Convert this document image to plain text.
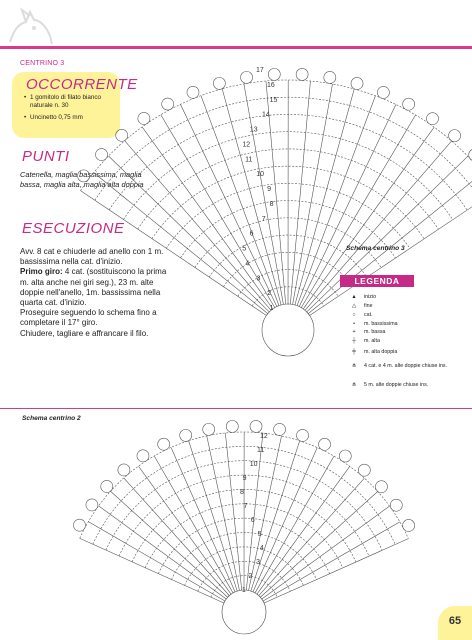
CENTRINO 3
OCCORRENTE
• 1 gomitolo di filato bianco naturale n. 30
• Uncinetto 0,75 mm
PUNTI
Catenella, maglia bassissima, maglia bassa, maglia alta, maglia alta doppia
ESECUZIONE
Avv. 8 cat e chiuderle ad anello con 1 m. bassissima nella cat. d'inizio.
Primo giro: 4 cat. (sostituiscono la prima m. alta anche nei giri seg.), 23 m. alte doppie nell'anello, 1m. bassissima nella quarta cat. d'inizio.
Proseguire seguendo lo schema fino a completare il 17° giro.
Chiudere, tagliare e affrancare il filo.
17
16
15
14
13
12
11
10
9
8
7
6
5
4
3
2
1
12
11
10
9
8
7
6
5
4
3
2
1
Schema centrino 3
Schema centrino 2
LEGENDA
▲	inizio
△	fine
○	cat.
•	m. bassissima
+	m. bassa
┼	m. alta
╪	m. alta doppia
⋔	4 cat. e 4 m. alte doppie chiuse ins.
⋔	5 m. alte doppie chiuse ins.
65
